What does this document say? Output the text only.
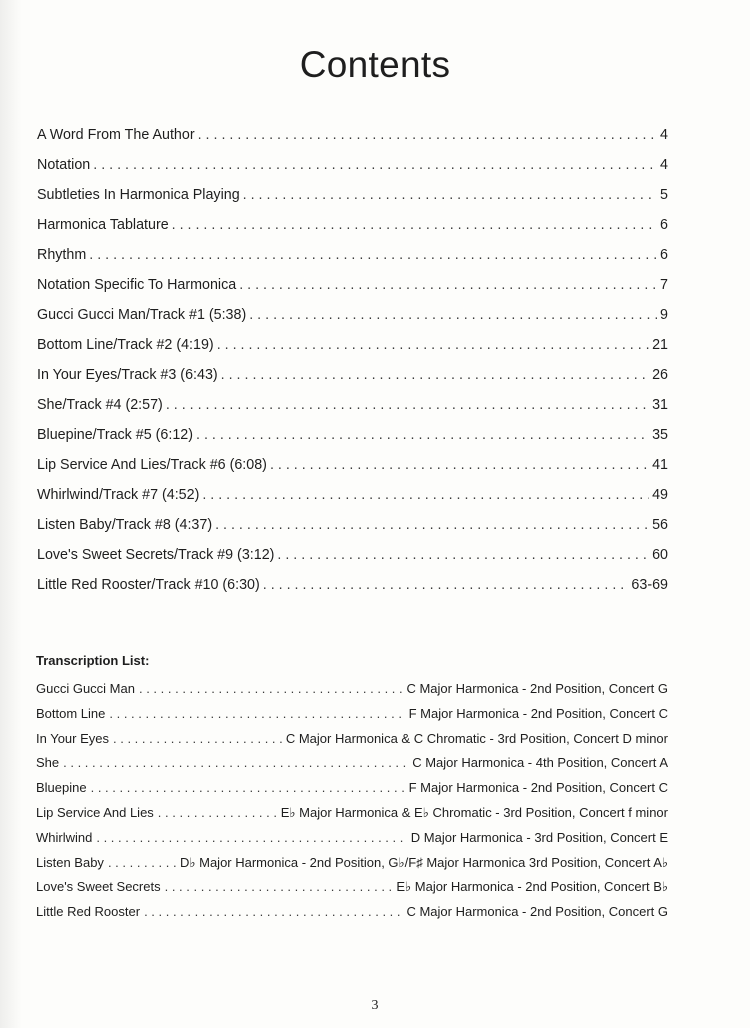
Contents
A Word From The Author . . .	4
Notation . . .	4
Subtleties In Harmonica Playing . . .	5
Harmonica Tablature . . .	6
Rhythm . . .	6
Notation Specific To Harmonica . . .	7
Gucci Gucci Man/Track #1 (5:38) . . .	9
Bottom Line/Track #2 (4:19) . . .	21
In Your Eyes/Track #3 (6:43) . . .	26
She/Track #4 (2:57) . . .	31
Bluepine/Track #5 (6:12) . . .	35
Lip Service And Lies/Track #6 (6:08) . . .	41
Whirlwind/Track #7 (4:52) . . .	49
Listen Baby/Track #8 (4:37) . . .	56
Love's Sweet Secrets/Track #9 (3:12) . . .	60
Little Red Rooster/Track #10 (6:30) . . .	63-69
Transcription List:
Gucci Gucci Man . . .	C Major Harmonica - 2nd Position, Concert G
Bottom Line . . .	F Major Harmonica - 2nd Position, Concert C
In Your Eyes . . .	C Major Harmonica & C Chromatic - 3rd Position, Concert D minor
She . . .	C Major Harmonica - 4th Position, Concert A
Bluepine . . .	F Major Harmonica - 2nd Position, Concert C
Lip Service And Lies . . .	E♭ Major Harmonica & E♭ Chromatic - 3rd Position, Concert f minor
Whirlwind . . .	D Major Harmonica - 3rd Position, Concert E
Listen Baby . . .	D♭ Major Harmonica - 2nd Position, G♭/F♯ Major Harmonica 3rd Position, Concert A♭
Love's Sweet Secrets . . .	E♭ Major Harmonica - 2nd Position, Concert B♭
Little Red Rooster . . .	C Major Harmonica - 2nd Position, Concert G
3
